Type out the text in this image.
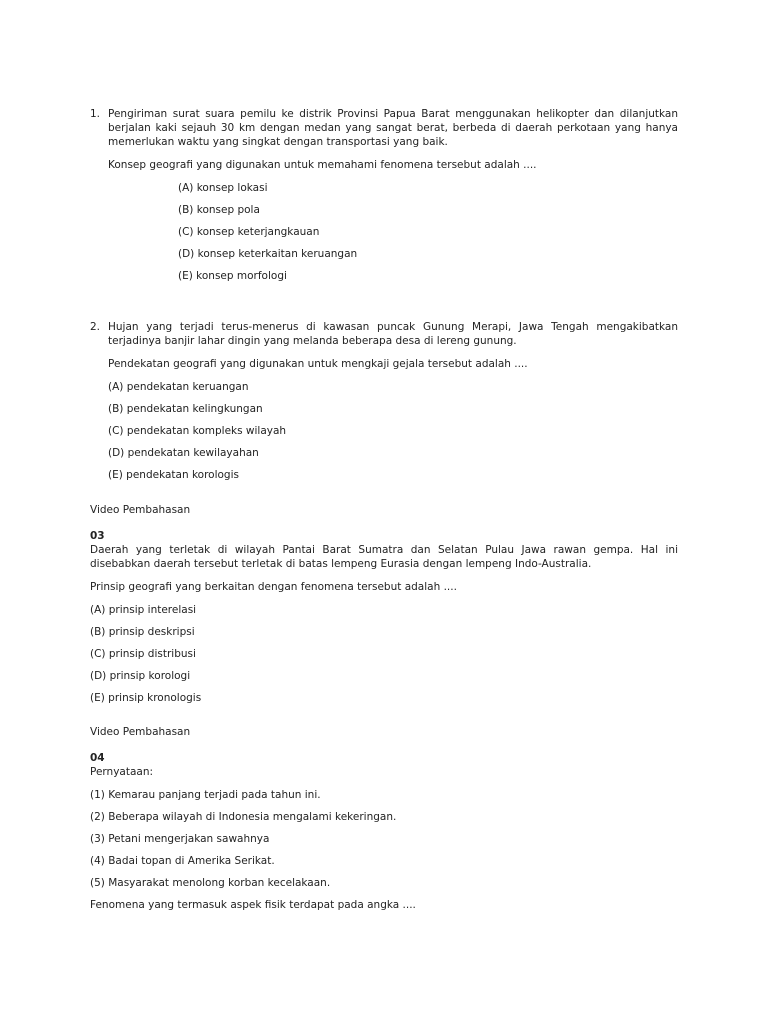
1. Pengiriman surat suara pemilu ke distrik Provinsi Papua Barat menggunakan helikopter dan dilanjutkan berjalan kaki sejauh 30 km dengan medan yang sangat berat, berbeda di daerah perkotaan yang hanya memerlukan waktu yang singkat dengan transportasi yang baik.

Konsep geografi yang digunakan untuk memahami fenomena tersebut adalah ....

(A) konsep lokasi
(B) konsep pola
(C) konsep keterjangkauan
(D) konsep keterkaitan keruangan
(E) konsep morfologi
2. Hujan yang terjadi terus-menerus di kawasan puncak Gunung Merapi, Jawa Tengah mengakibatkan terjadinya banjir lahar dingin yang melanda beberapa desa di lereng gunung.

Pendekatan geografi yang digunakan untuk mengkaji gejala tersebut adalah ....

(A) pendekatan keruangan
(B) pendekatan kelingkungan
(C) pendekatan kompleks wilayah
(D) pendekatan kewilayahan
(E) pendekatan korologis

Video Pembahasan

03

Daerah yang terletak di wilayah Pantai Barat Sumatra dan Selatan Pulau Jawa rawan gempa. Hal ini disebabkan daerah tersebut terletak di batas lempeng Eurasia dengan lempeng Indo-Australia.

Prinsip geografi yang berkaitan dengan fenomena tersebut adalah ....

(A) prinsip interelasi
(B) prinsip deskripsi
(C) prinsip distribusi
(D) prinsip korologi
(E) prinsip kronologis

Video Pembahasan

04

Pernyataan:

(1) Kemarau panjang terjadi pada tahun ini.
(2) Beberapa wilayah di Indonesia mengalami kekeringan.
(3) Petani mengerjakan sawahnya
(4) Badai topan di Amerika Serikat.
(5) Masyarakat menolong korban kecelakaan.

Fenomena yang termasuk aspek fisik terdapat pada angka ....
